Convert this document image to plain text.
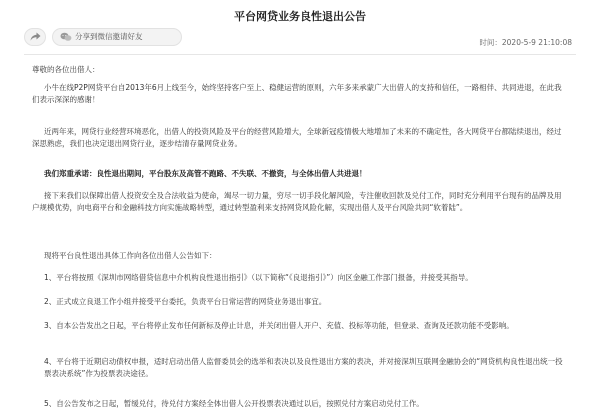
平台网贷业务良性退出公告
分享到微信邀请好友
时间：2020-5-9 21:10:08
尊敬的各位出借人：
小牛在线P2P网贷平台自2013年6月上线至今，始终坚持客户至上、稳健运营的原则，六年多来承蒙广大出借人的支持和信任，一路相伴、共同进退，在此我们表示深深的感谢！
近两年来，网贷行业经营环境恶化，出借人的投资风险及平台的经营风险增大，全球新冠疫情极大地增加了未来的不确定性，各大网贷平台都陆续退出，经过深思熟虑，我们也决定退出网贷行业，逐步结清存量网贷业务。
我们郑重承诺：良性退出期间，平台股东及高管不跑路、不失联、不撤资，与全体出借人共进退！
接下来我们以保障出借人投资安全及合法收益为使命，竭尽一切力量，穷尽一切手段化解风险，专注催收回款及兑付工作，同时充分利用平台现有的品牌及用户规模优势，向电商平台和金融科技方向实施战略转型，通过转型盈利来支持网贷风险化解，实现出借人及平台风险共同“软着陆”。
现将平台良性退出具体工作向各位出借人公告如下：
1、平台将按照《深圳市网络借贷信息中介机构良性退出指引》（以下简称“《良退指引》”）向区金融工作部门报备，并接受其指导。
2、正式成立良退工作小组并接受平台委托，负责平台日常运营的网贷业务退出事宜。
3、自本公告发出之日起，平台将停止发布任何新标及停止计息，并关闭出借人开户、充值、投标等功能，但登录、查询及还款功能不受影响。
4、平台将于近期启动债权申报，适时启动出借人监督委员会的选举和表决以及良性退出方案的表决，并对接深圳互联网金融协会的“网贷机构良性退出统一投票表决系统”作为投票表决途径。
5、自公告发布之日起，暂缓兑付，待兑付方案经全体出借人公开投票表决通过以后，按照兑付方案启动兑付工作。
